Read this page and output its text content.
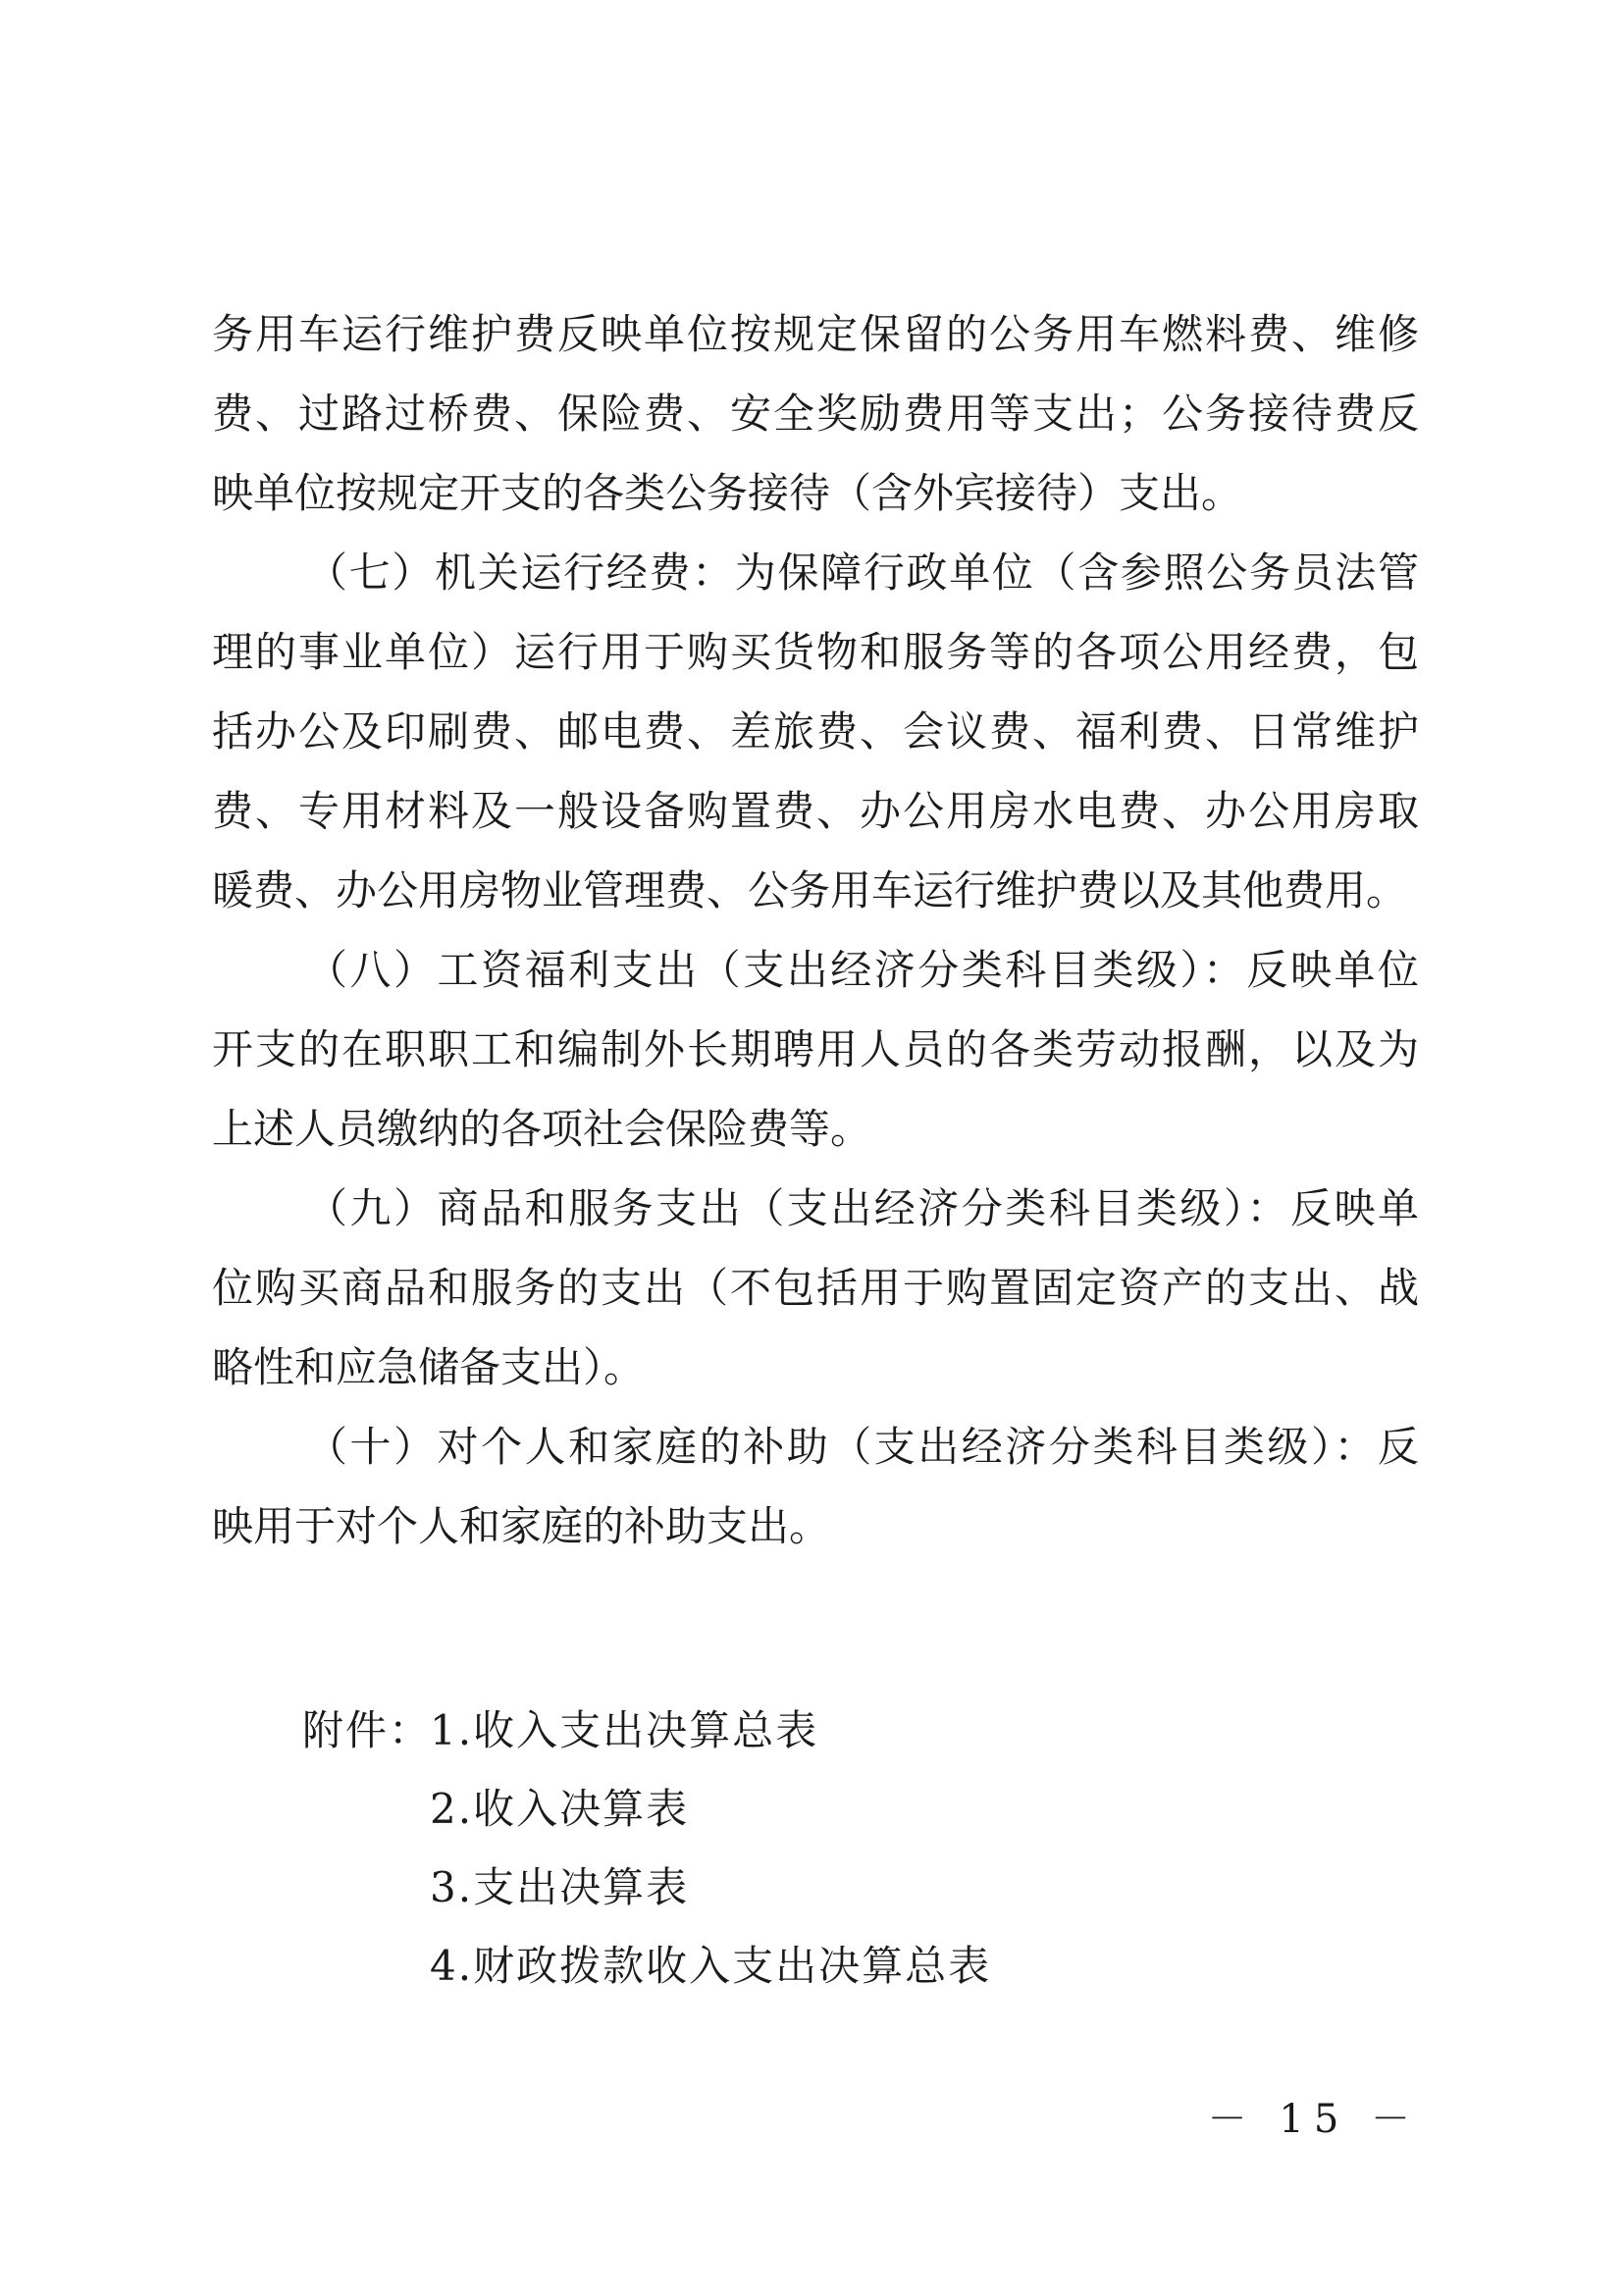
务用车运行维护费反映单位按规定保留的公务用车燃料费、维修
费、过路过桥费、保险费、安全奖励费用等支出；公务接待费反
映单位按规定开支的各类公务接待（含外宾接待）支出。
（七）机关运行经费：为保障行政单位（含参照公务员法管
理的事业单位）运行用于购买货物和服务等的各项公用经费，包
括办公及印刷费、邮电费、差旅费、会议费、福利费、日常维护
费、专用材料及一般设备购置费、办公用房水电费、办公用房取
暖费、办公用房物业管理费、公务用车运行维护费以及其他费用。
（八）工资福利支出（支出经济分类科目类级）：反映单位
开支的在职职工和编制外长期聘用人员的各类劳动报酬，以及为
上述人员缴纳的各项社会保险费等。
（九）商品和服务支出（支出经济分类科目类级）：反映单
位购买商品和服务的支出（不包括用于购置固定资产的支出、战
略性和应急储备支出）。
（十）对个人和家庭的补助（支出经济分类科目类级）：反
映用于对个人和家庭的补助支出。
附件：1.收入支出决算总表
2.收入决算表
3.支出决算表
4.财政拨款收入支出决算总表
－ 15 －
